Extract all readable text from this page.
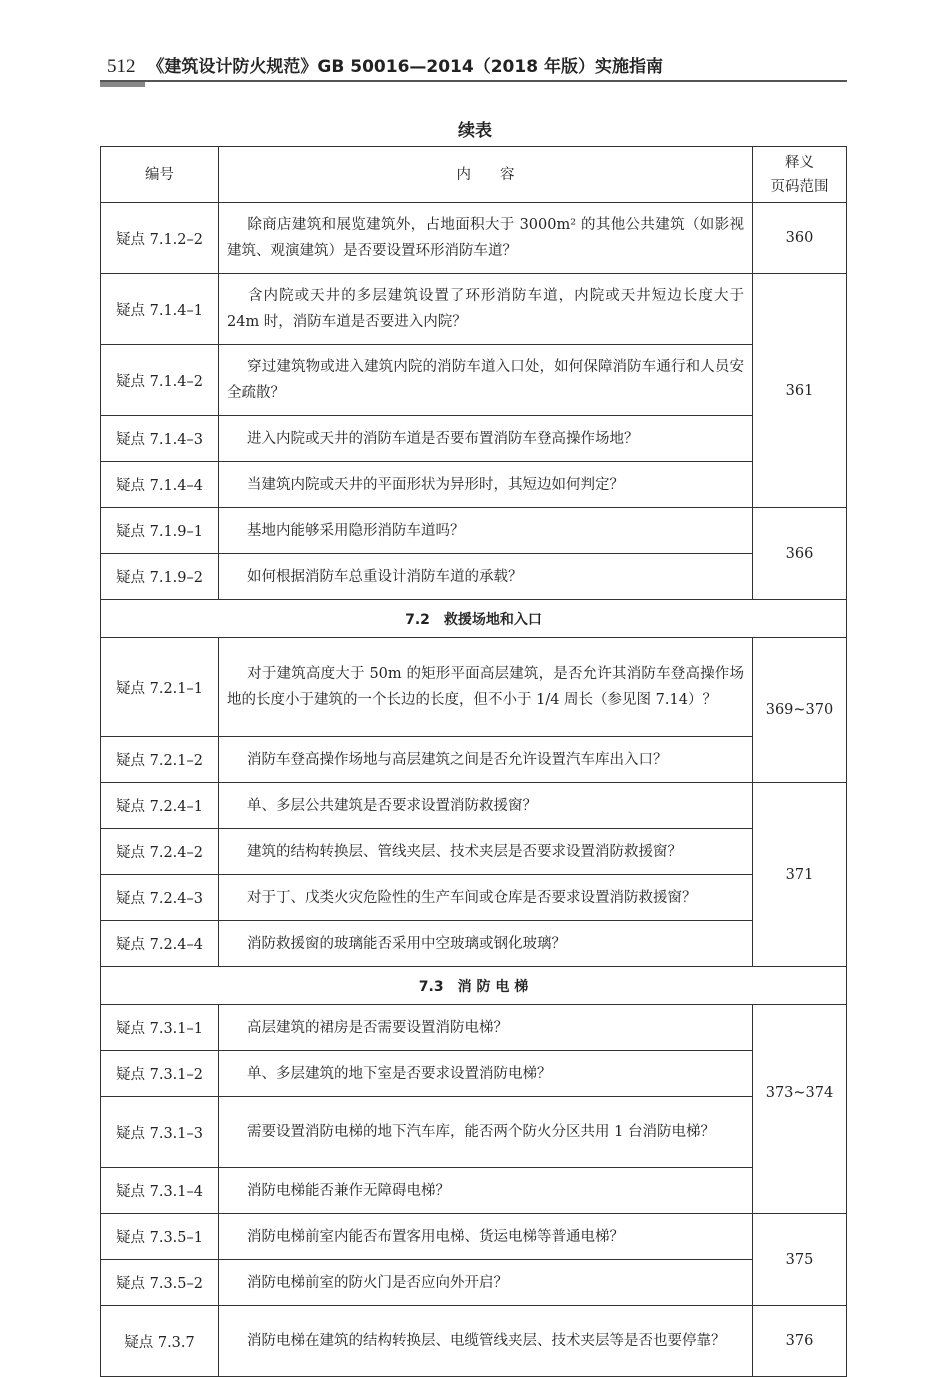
512 《建筑设计防火规范》GB 50016—2014（2018 年版）实施指南
续表
编号	内　　容	释义
页码范围
疑点 7.1.2–2	除商店建筑和展览建筑外，占地面积大于 3000m² 的其他公共建筑（如影视建筑、观演建筑）是否要设置环形消防车道？	360
疑点 7.1.4–1	含内院或天井的多层建筑设置了环形消防车道，内院或天井短边长度大于 24m 时，消防车道是否要进入内院？	361
疑点 7.1.4–2	穿过建筑物或进入建筑内院的消防车道入口处，如何保障消防车通行和人员安全疏散？	
疑点 7.1.4–3	进入内院或天井的消防车道是否要布置消防车登高操作场地？	
疑点 7.1.4–4	当建筑内院或天井的平面形状为异形时，其短边如何判定？	
疑点 7.1.9–1	基地内能够采用隐形消防车道吗？	366
疑点 7.1.9–2	如何根据消防车总重设计消防车道的承载？	
7.2　救援场地和入口		
疑点 7.2.1–1	对于建筑高度大于 50m 的矩形平面高层建筑，是否允许其消防车登高操作场地的长度小于建筑的一个长边的长度，但不小于 1/4 周长（参见图 7.14）？	369~370
疑点 7.2.1–2	消防车登高操作场地与高层建筑之间是否允许设置汽车库出入口？	
疑点 7.2.4–1	单、多层公共建筑是否要求设置消防救援窗？	371
疑点 7.2.4–2	建筑的结构转换层、管线夹层、技术夹层是否要求设置消防救援窗？	
疑点 7.2.4–3	对于丁、戊类火灾危险性的生产车间或仓库是否要求设置消防救援窗？	
疑点 7.2.4–4	消防救援窗的玻璃能否采用中空玻璃或钢化玻璃？	
7.3　消 防 电 梯		
疑点 7.3.1–1	高层建筑的裙房是否需要设置消防电梯？	373~374
疑点 7.3.1–2	单、多层建筑的地下室是否要求设置消防电梯？	
疑点 7.3.1–3	需要设置消防电梯的地下汽车库，能否两个防火分区共用 1 台消防电梯？	
疑点 7.3.1–4	消防电梯能否兼作无障碍电梯？	
疑点 7.3.5–1	消防电梯前室内能否布置客用电梯、货运电梯等普通电梯？	375
疑点 7.3.5–2	消防电梯前室的防火门是否应向外开启？	
疑点 7.3.7	消防电梯在建筑的结构转换层、电缆管线夹层、技术夹层等是否也要停靠？	376
